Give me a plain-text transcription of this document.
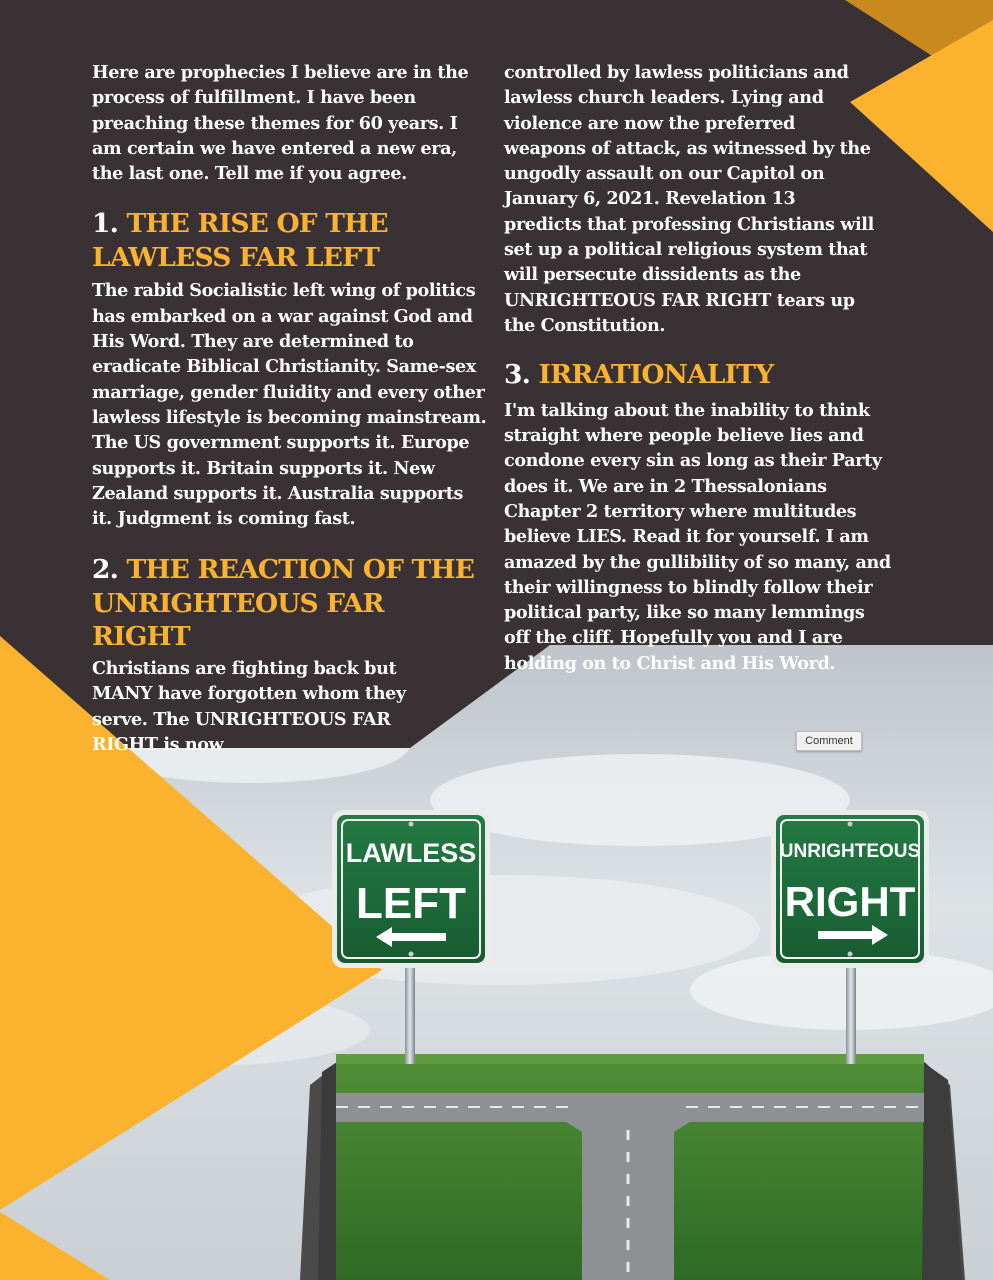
LAWLESS
LEFT
UNRIGHTEOUS
RIGHT

Here are prophecies I believe are in the process of fulfillment. I have been preaching these themes for 60 years. I am certain we have entered a new era, the last one. Tell me if you agree.

1. THE RISE OF THE
LAWLESS FAR LEFT

The rabid Socialistic left wing of politics has embarked on a war against God and His Word. They are determined to eradicate Biblical Christianity. Same-sex marriage, gender fluidity and every other lawless lifestyle is becoming mainstream. The US government supports it. Europe supports it. Britain supports it. New Zealand supports it. Australia supports it. Judgment is coming fast.

2. THE REACTION OF THE
UNRIGHTEOUS FAR RIGHT

Christians are fighting back but MANY have forgotten whom they serve. The UNRIGHTEOUS FAR RIGHT is now

controlled by lawless politicians and lawless church leaders. Lying and violence are now the preferred weapons of attack, as witnessed by the ungodly assault on our Capitol on January 6, 2021. Revelation 13 predicts that professing Christians will set up a political religious system that will persecute dissidents as the UNRIGHTEOUS FAR RIGHT tears up the Constitution.

3. IRRATIONALITY

I'm talking about the inability to think straight where people believe lies and condone every sin as long as their Party does it. We are in 2 Thessalonians Chapter 2 territory where multitudes believe LIES. Read it for yourself. I am amazed by the gullibility of so many, and their willingness to blindly follow their political party, like so many lemmings off the cliff. Hopefully you and I are holding on to Christ and His Word.

Comment
